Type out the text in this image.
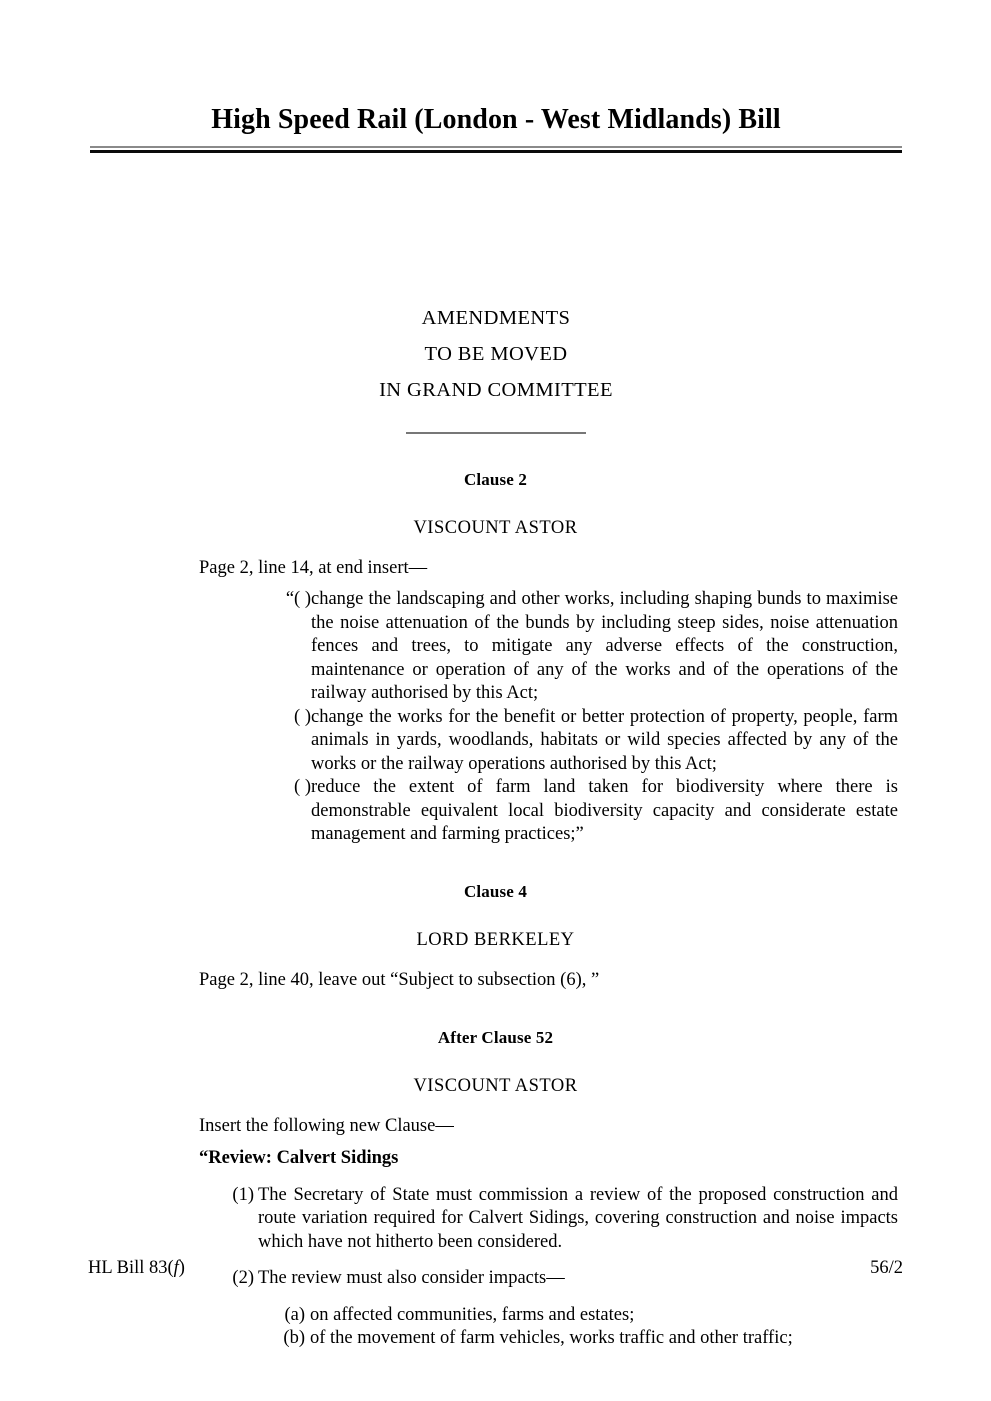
High Speed Rail (London - West Midlands) Bill
AMENDMENTS
TO BE MOVED
IN GRAND COMMITTEE
Clause 2
VISCOUNT ASTOR
Page 2, line 14, at end insert—
“( ) change the landscaping and other works, including shaping bunds to maximise the noise attenuation of the bunds by including steep sides, noise attenuation fences and trees, to mitigate any adverse effects of the construction, maintenance or operation of any of the works and of the operations of the railway authorised by this Act;
( ) change the works for the benefit or better protection of property, people, farm animals in yards, woodlands, habitats or wild species affected by any of the works or the railway operations authorised by this Act;
( ) reduce the extent of farm land taken for biodiversity where there is demonstrable equivalent local biodiversity capacity and considerate estate management and farming practices;”
Clause 4
LORD BERKELEY
Page 2, line 40, leave out “Subject to subsection (6), ”
After Clause 52
VISCOUNT ASTOR
Insert the following new Clause—
“Review: Calvert Sidings
(1) The Secretary of State must commission a review of the proposed construction and route variation required for Calvert Sidings, covering construction and noise impacts which have not hitherto been considered.
(2) The review must also consider impacts—
(a) on affected communities, farms and estates;
(b) of the movement of farm vehicles, works traffic and other traffic;
HL Bill 83(f)	56/2
